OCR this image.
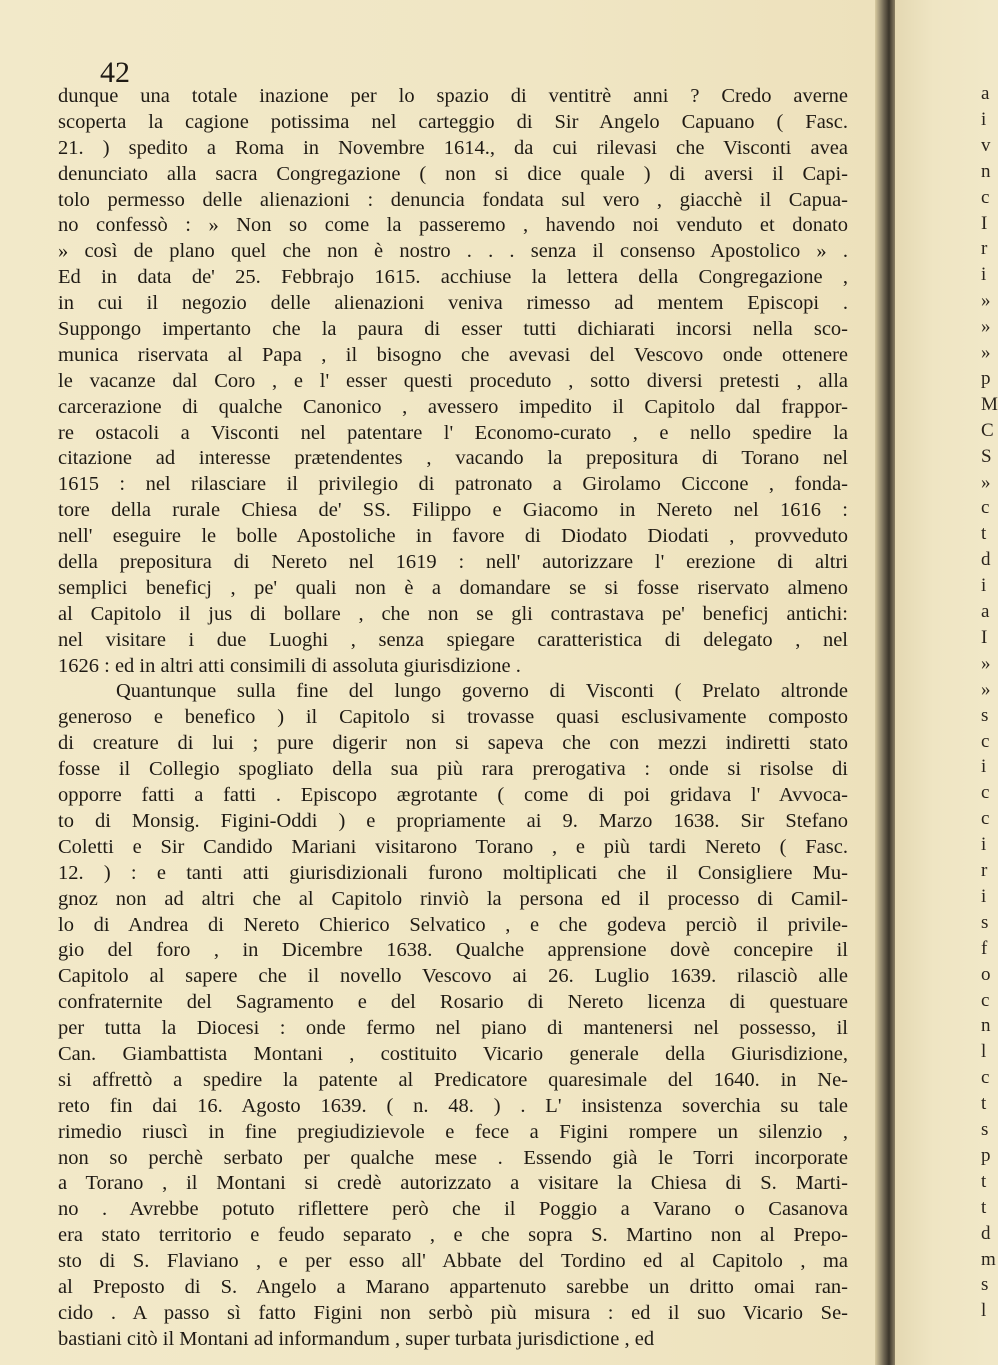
42
dunque una totale inazione per lo spazio di ventitrè anni ? Credo averne
scoperta la cagione potissima nel carteggio di Sir Angelo Capuano ( Fasc.
21. ) spedito a Roma in Novembre 1614., da cui rilevasi che Visconti avea
denunciato alla sacra Congregazione ( non si dice quale ) di aversi il Capi-
tolo permesso delle alienazioni : denuncia fondata sul vero , giacchè il Capua-
no confessò : » Non so come la passeremo , havendo noi venduto et donato
» così de plano quel che non è nostro . . . senza il consenso Apostolico » .
Ed in data de' 25. Febbrajo 1615. acchiuse la lettera della Congregazione ,
in cui il negozio delle alienazioni veniva rimesso ad mentem Episcopi .
Suppongo impertanto che la paura di esser tutti dichiarati incorsi nella sco-
munica riservata al Papa , il bisogno che avevasi del Vescovo onde ottenere
le vacanze dal Coro , e l' esser questi proceduto , sotto diversi pretesti , alla
carcerazione di qualche Canonico , avessero impedito il Capitolo dal frappor-
re ostacoli a Visconti nel patentare l' Economo-curato , e nello spedire la
citazione ad interesse prætendentes , vacando la prepositura di Torano nel
1615 : nel rilasciare il privilegio di patronato a Girolamo Ciccone , fonda-
tore della rurale Chiesa de' SS. Filippo e Giacomo in Nereto nel 1616 :
nell' eseguire le bolle Apostoliche in favore di Diodato Diodati , provveduto
della prepositura di Nereto nel 1619 : nell' autorizzare l' erezione di altri
semplici beneficj , pe' quali non è a domandare se si fosse riservato almeno
al Capitolo il jus di bollare , che non se gli contrastava pe' beneficj antichi:
nel visitare i due Luoghi , senza spiegare caratteristica di delegato , nel
1626 : ed in altri atti consimili di assoluta giurisdizione .
Quantunque sulla fine del lungo governo di Visconti ( Prelato altronde
generoso e benefico ) il Capitolo si trovasse quasi esclusivamente composto
di creature di lui ; pure digerir non si sapeva che con mezzi indiretti stato
fosse il Collegio spogliato della sua più rara prerogativa : onde si risolse di
opporre fatti a fatti . Episcopo ægrotante ( come di poi gridava l' Avvoca-
to di Monsig. Figini-Oddi ) e propriamente ai 9. Marzo 1638. Sir Stefano
Coletti e Sir Candido Mariani visitarono Torano , e più tardi Nereto ( Fasc.
12. ) : e tanti atti giurisdizionali furono moltiplicati che il Consigliere Mu-
gnoz non ad altri che al Capitolo rinviò la persona ed il processo di Camil-
lo di Andrea di Nereto Chierico Selvatico , e che godeva perciò il privile-
gio del foro , in Dicembre 1638. Qualche apprensione dovè concepire il
Capitolo al sapere che il novello Vescovo ai 26. Luglio 1639. rilasciò alle
confraternite del Sagramento e del Rosario di Nereto licenza di questuare
per tutta la Diocesi : onde fermo nel piano di mantenersi nel possesso, il
Can. Giambattista Montani , costituito Vicario generale della Giurisdizione,
si affrettò a spedire la patente al Predicatore quaresimale del 1640. in Ne-
reto fin dai 16. Agosto 1639. ( n. 48. ) . L' insistenza soverchia su tale
rimedio riuscì in fine pregiudizievole e fece a Figini rompere un silenzio ,
non so perchè serbato per qualche mese . Essendo già le Torri incorporate
a Torano , il Montani si credè autorizzato a visitare la Chiesa di S. Marti-
no . Avrebbe potuto riflettere però che il Poggio a Varano o Casanova
era stato territorio e feudo separato , e che sopra S. Martino non al Prepo-
sto di S. Flaviano , e per esso all' Abbate del Tordino ed al Capitolo , ma
al Preposto di S. Angelo a Marano appartenuto sarebbe un dritto omai ran-
cido . A passo sì fatto Figini non serbò più misura : ed il suo Vicario Se-
bastiani citò il Montani ad informandum , super turbata jurisdictione , ed
a
i
v
n
c
I
r
i
»
»
»
p
M
C
S
»
c
t
d
i
a
I
»
»
s
c
i
c
c
i
r
i
s
f
o
c
n
l
c
t
s
p
t
t
d
m
s
l
